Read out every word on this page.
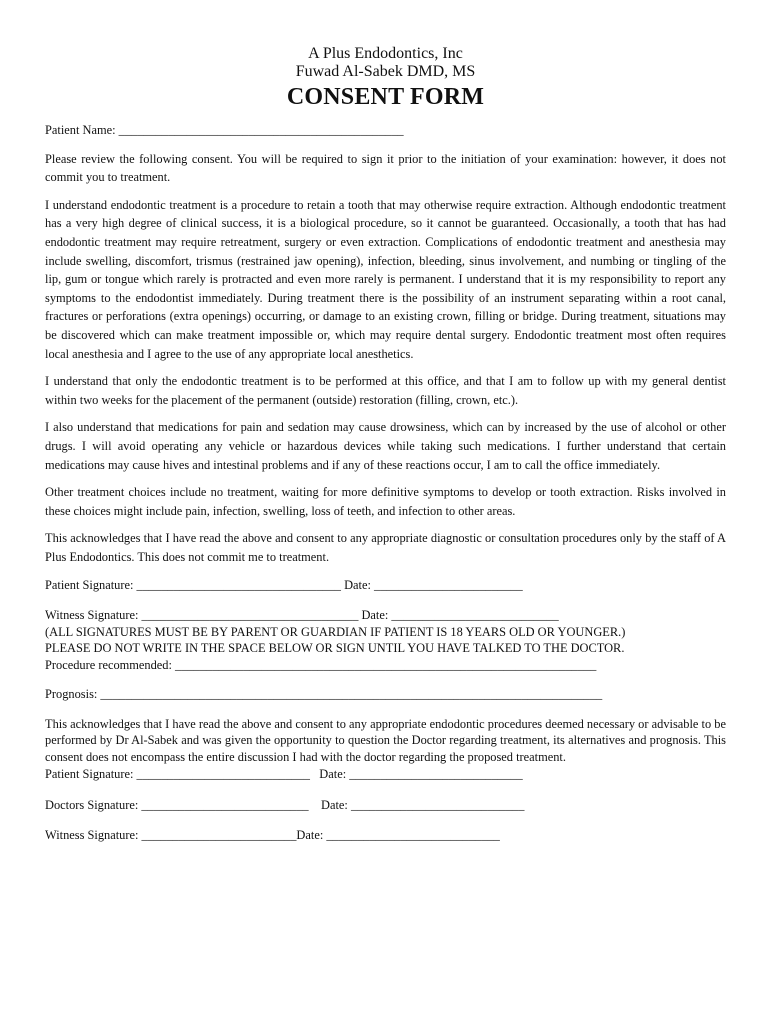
A Plus Endodontics, Inc
Fuwad Al-Sabek DMD, MS
CONSENT FORM

Patient Name: ______________________________________________

Please review the following consent. You will be required to sign it prior to the initiation of your examination: however, it does not commit you to treatment.

I understand endodontic treatment is a procedure to retain a tooth that may otherwise require extraction. Although endodontic treatment has a very high degree of clinical success, it is a biological procedure, so it cannot be guaranteed. Occasionally, a tooth that has had endodontic treatment may require retreatment, surgery or even extraction. Complications of endodontic treatment and anesthesia may include swelling, discomfort, trismus (restrained jaw opening), infection, bleeding, sinus involvement, and numbing or tingling of the lip, gum or tongue which rarely is protracted and even more rarely is permanent. I understand that it is my responsibility to report any symptoms to the endodontist immediately. During treatment there is the possibility of an instrument separating within a root canal, fractures or perforations (extra openings) occurring, or damage to an existing crown, filling or bridge. During treatment, situations may be discovered which can make treatment impossible or, which may require dental surgery. Endodontic treatment most often requires local anesthesia and I agree to the use of any appropriate local anesthetics.

I understand that only the endodontic treatment is to be performed at this office, and that I am to follow up with my general dentist within two weeks for the placement of the permanent (outside) restoration (filling, crown, etc.).

I also understand that medications for pain and sedation may cause drowsiness, which can by increased by the use of alcohol or other drugs. I will avoid operating any vehicle or hazardous devices while taking such medications. I further understand that certain medications may cause hives and intestinal problems and if any of these reactions occur, I am to call the office immediately.

Other treatment choices include no treatment, waiting for more definitive symptoms to develop or tooth extraction. Risks involved in these choices might include pain, infection, swelling, loss of teeth, and infection to other areas.

This acknowledges that I have read the above and consent to any appropriate diagnostic or consultation procedures only by the staff of A Plus Endodontics. This does not commit me to treatment.

Patient Signature: _________________________________ Date: ________________________

Witness Signature: ___________________________________ Date: ___________________________

(ALL SIGNATURES MUST BE BY PARENT OR GUARDIAN IF PATIENT IS 18 YEARS OLD OR YOUNGER.)

PLEASE DO NOT WRITE IN THE SPACE BELOW OR SIGN UNTIL YOU HAVE TALKED TO THE DOCTOR.

Procedure recommended: ____________________________________________________________________

Prognosis: _________________________________________________________________________________

This acknowledges that I have read the above and consent to any appropriate endodontic procedures deemed necessary or advisable to be performed by Dr Al-Sabek and was given the opportunity to question the Doctor regarding treatment, its alternatives and prognosis. This consent does not encompass the entire discussion I had with the doctor regarding the proposed treatment.

Patient Signature: ____________________________   Date: ____________________________

Doctors Signature: ___________________________    Date: ____________________________

Witness Signature: _________________________Date: ____________________________
